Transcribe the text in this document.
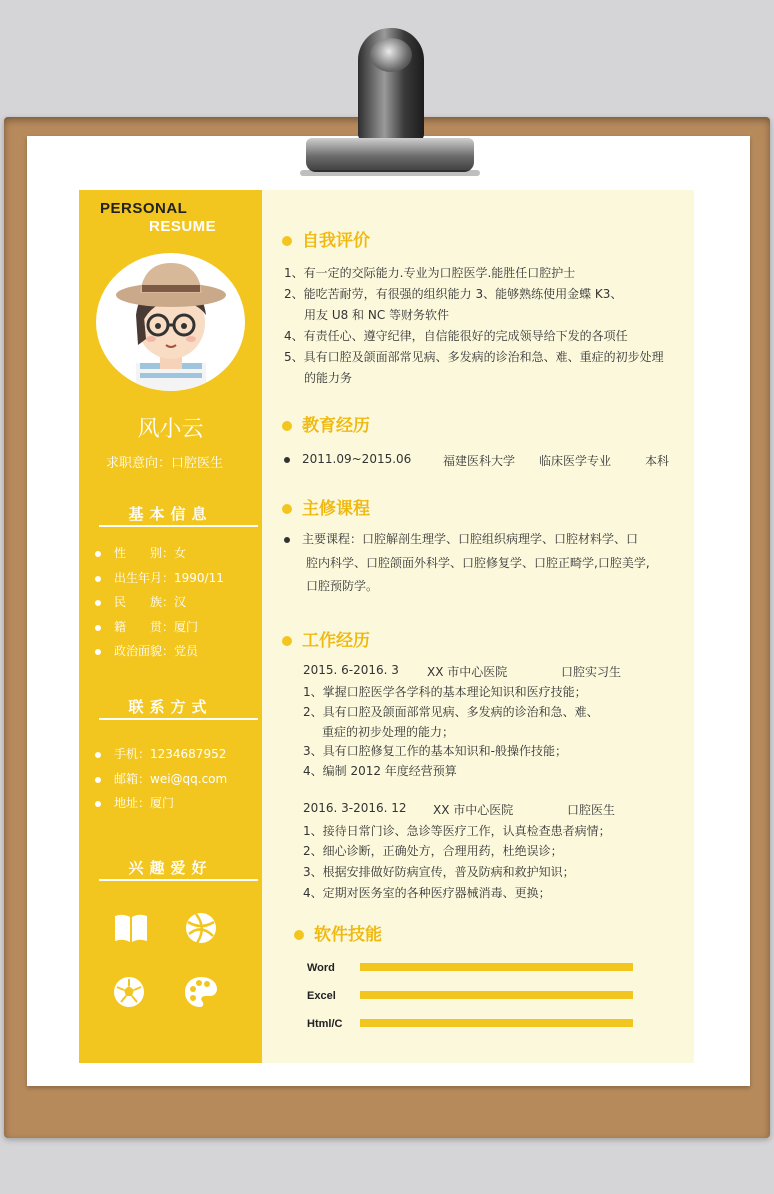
PERSONAL
RESUME
风小云
求职意向：口腔医生
基本信息
性　　别：女
出生年月：1990/11
民　　族：汉
籍　　贯：厦门
政治面貌：党员
联系方式
手机：1234687952
邮箱：wei@qq.com
地址：厦门
兴趣爱好
自我评价
1、有一定的交际能力.专业为口腔医学.能胜任口腔护士
2、能吃苦耐劳，有很强的组织能力 3、能够熟练使用金蝶 K3、
用友 U8 和 NC 等财务软件
4、有责任心、遵守纪律，自信能很好的完成领导给下发的各项任
5、具有口腔及颌面部常见病、多发病的诊治和急、难、重症的初步处理
的能力务
教育经历
2011.09~2015.06	福建医科大学 临床医学专业	本科
主修课程
主要课程：口腔解剖生理学、口腔组织病理学、口腔材料学、口
腔内科学、口腔颌面外科学、口腔修复学、口腔正畸学,口腔美学,
口腔预防学。
工作经历
2015. 6-2016. 3 XX 市中心医院	口腔实习生
1、掌握口腔医学各学科的基本理论知识和医疗技能；
2、具有口腔及颌面部常见病、多发病的诊治和急、难、
重症的初步处理的能力；
3、具有口腔修复工作的基本知识和-般操作技能；
4、编制 2012 年度经营预算
2016. 3-2016. 12 XX 市中心医院	口腔医生
1、接待日常门诊、急诊等医疗工作，认真检查患者病情；
2、细心诊断，正确处方，合理用药，杜绝误诊；
3、根据安排做好防病宣传，普及防病和救护知识；
4、定期对医务室的各种医疗器械消毒、更换；
软件技能
Word
Excel
Html/C
